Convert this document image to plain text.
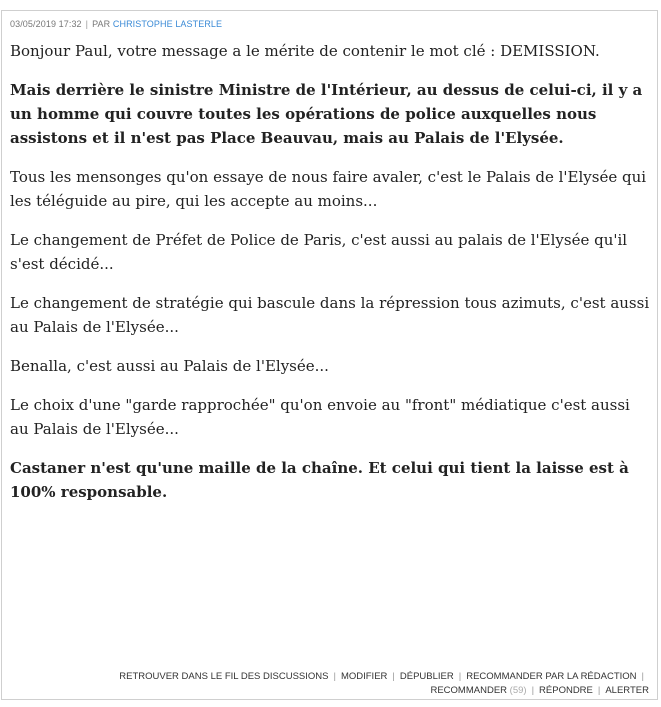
03/05/2019 17:32 | PAR CHRISTOPHE LASTERLE

Bonjour Paul, votre message a le mérite de contenir le mot clé : DEMISSION.

Mais derrière le sinistre Ministre de l'Intérieur, au dessus de celui-ci, il y a un homme qui couvre toutes les opérations de police auxquelles nous assistons et il n'est pas Place Beauvau, mais au Palais de l'Elysée.

Tous les mensonges qu'on essaye de nous faire avaler, c'est le Palais de l'Elysée qui les téléguide au pire, qui les accepte au moins...

Le changement de Préfet de Police de Paris, c'est aussi au palais de l'Elysée qu'il s'est décidé...

Le changement de stratégie qui bascule dans la répression tous azimuts, c'est aussi au Palais de l'Elysée...

Benalla, c'est aussi au Palais de l'Elysée...

Le choix d'une "garde rapprochée" qu'on envoie au "front" médiatique c'est aussi au Palais de l'Elysée...

Castaner n'est qu'une maille de la chaîne. Et celui qui tient la laisse est à 100% responsable.

RETROUVER DANS LE FIL DES DISCUSSIONS | MODIFIER | DÉPUBLIER | RECOMMANDER PAR LA RÉDACTION |
RECOMMANDER (59) | RÉPONDRE | ALERTER
